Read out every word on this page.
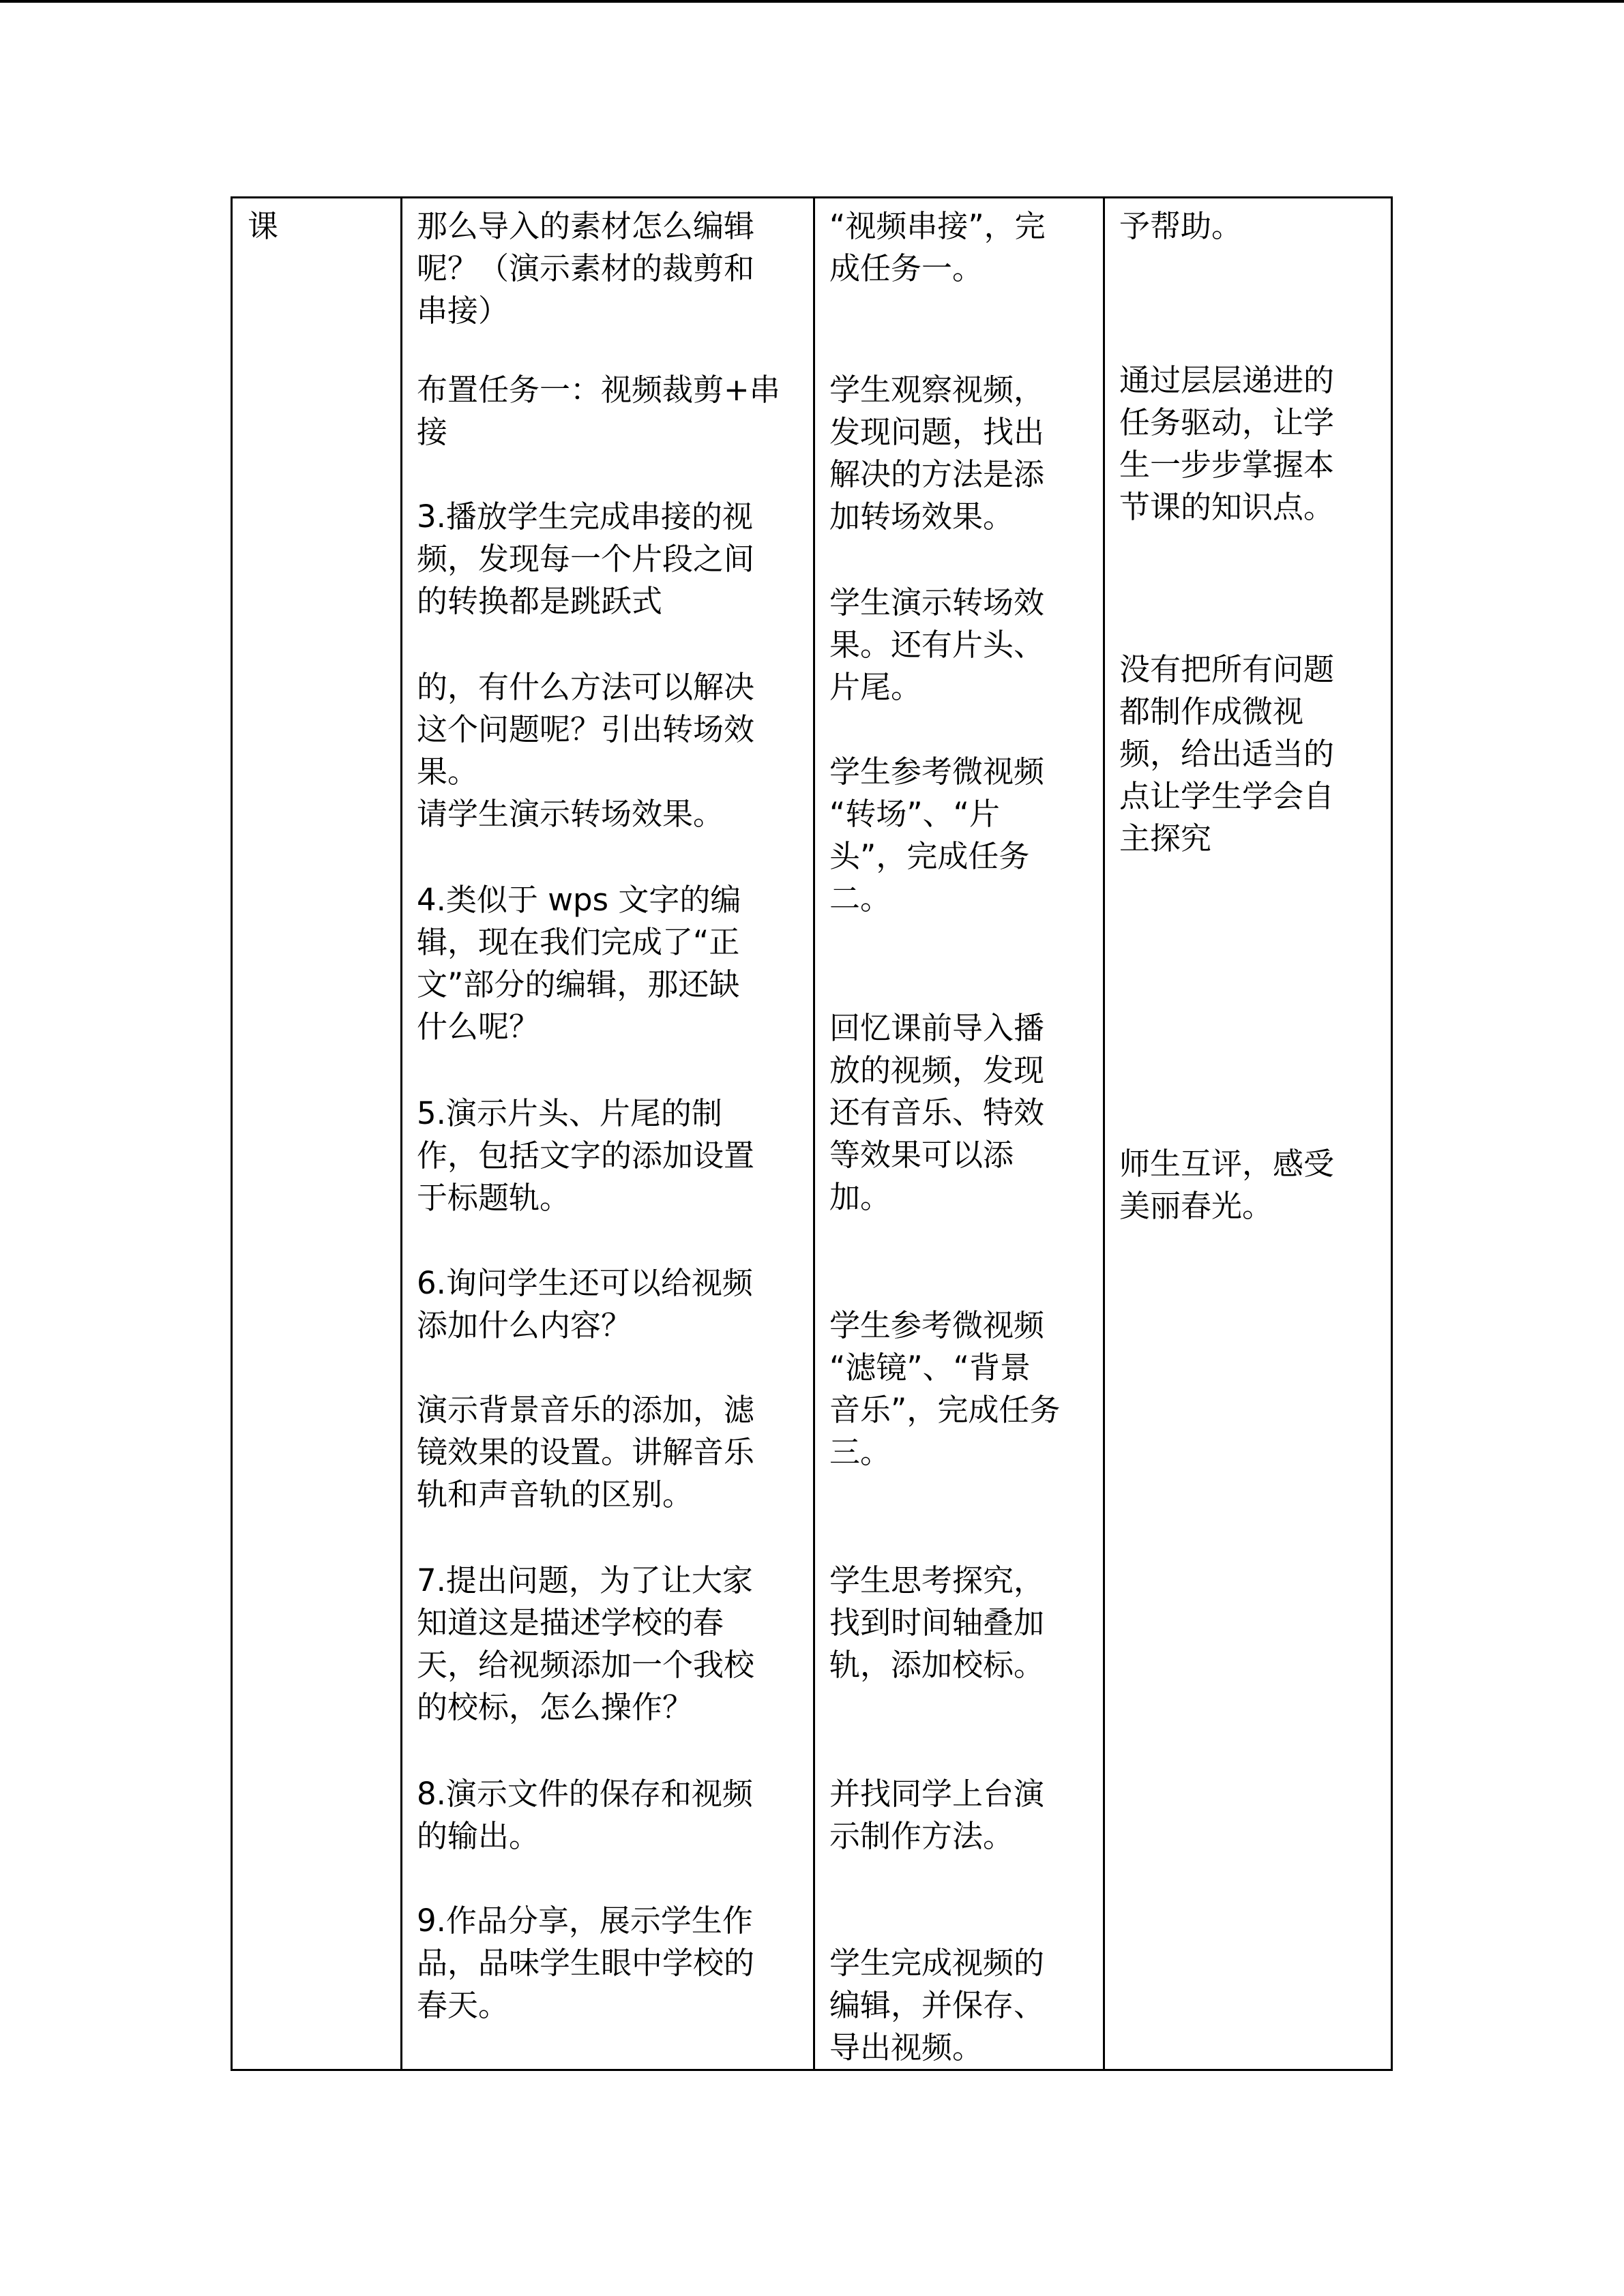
课	那么导入的素材怎么编辑
呢？（演示素材的裁剪和
串接）
布置任务一：视频裁剪+串
接
3.播放学生完成串接的视
频，发现每一个片段之间
的转换都是跳跃式
的，有什么方法可以解决
这个问题呢？引出转场效
果。
请学生演示转场效果。
4.类似于 wps 文字的编
辑，现在我们完成了“正
文”部分的编辑，那还缺
什么呢？
5.演示片头、片尾的制
作，包括文字的添加设置
于标题轨。
6.询问学生还可以给视频
添加什么内容？
演示背景音乐的添加，滤
镜效果的设置。讲解音乐
轨和声音轨的区别。
7.提出问题，为了让大家
知道这是描述学校的春
天，给视频添加一个我校
的校标，怎么操作？
8.演示文件的保存和视频
的输出。
9.作品分享，展示学生作
品，品味学生眼中学校的
春天。
“视频串接”，完
成任务一。
学生观察视频，
发现问题，找出
解决的方法是添
加转场效果。
学生演示转场效
果。还有片头、
片尾。
学生参考微视频
“转场”、“片
头”，完成任务
二。
回忆课前导入播
放的视频，发现
还有音乐、特效
等效果可以添
加。
学生参考微视频
“滤镜”、“背景
音乐”，完成任务
三。
学生思考探究，
找到时间轴叠加
轨，添加校标。
并找同学上台演
示制作方法。
学生完成视频的
编辑，并保存、
导出视频。
予帮助。
通过层层递进的
任务驱动，让学
生一步步掌握本
节课的知识点。
没有把所有问题
都制作成微视
频，给出适当的
点让学生学会自
主探究
师生互评，感受
美丽春光。
